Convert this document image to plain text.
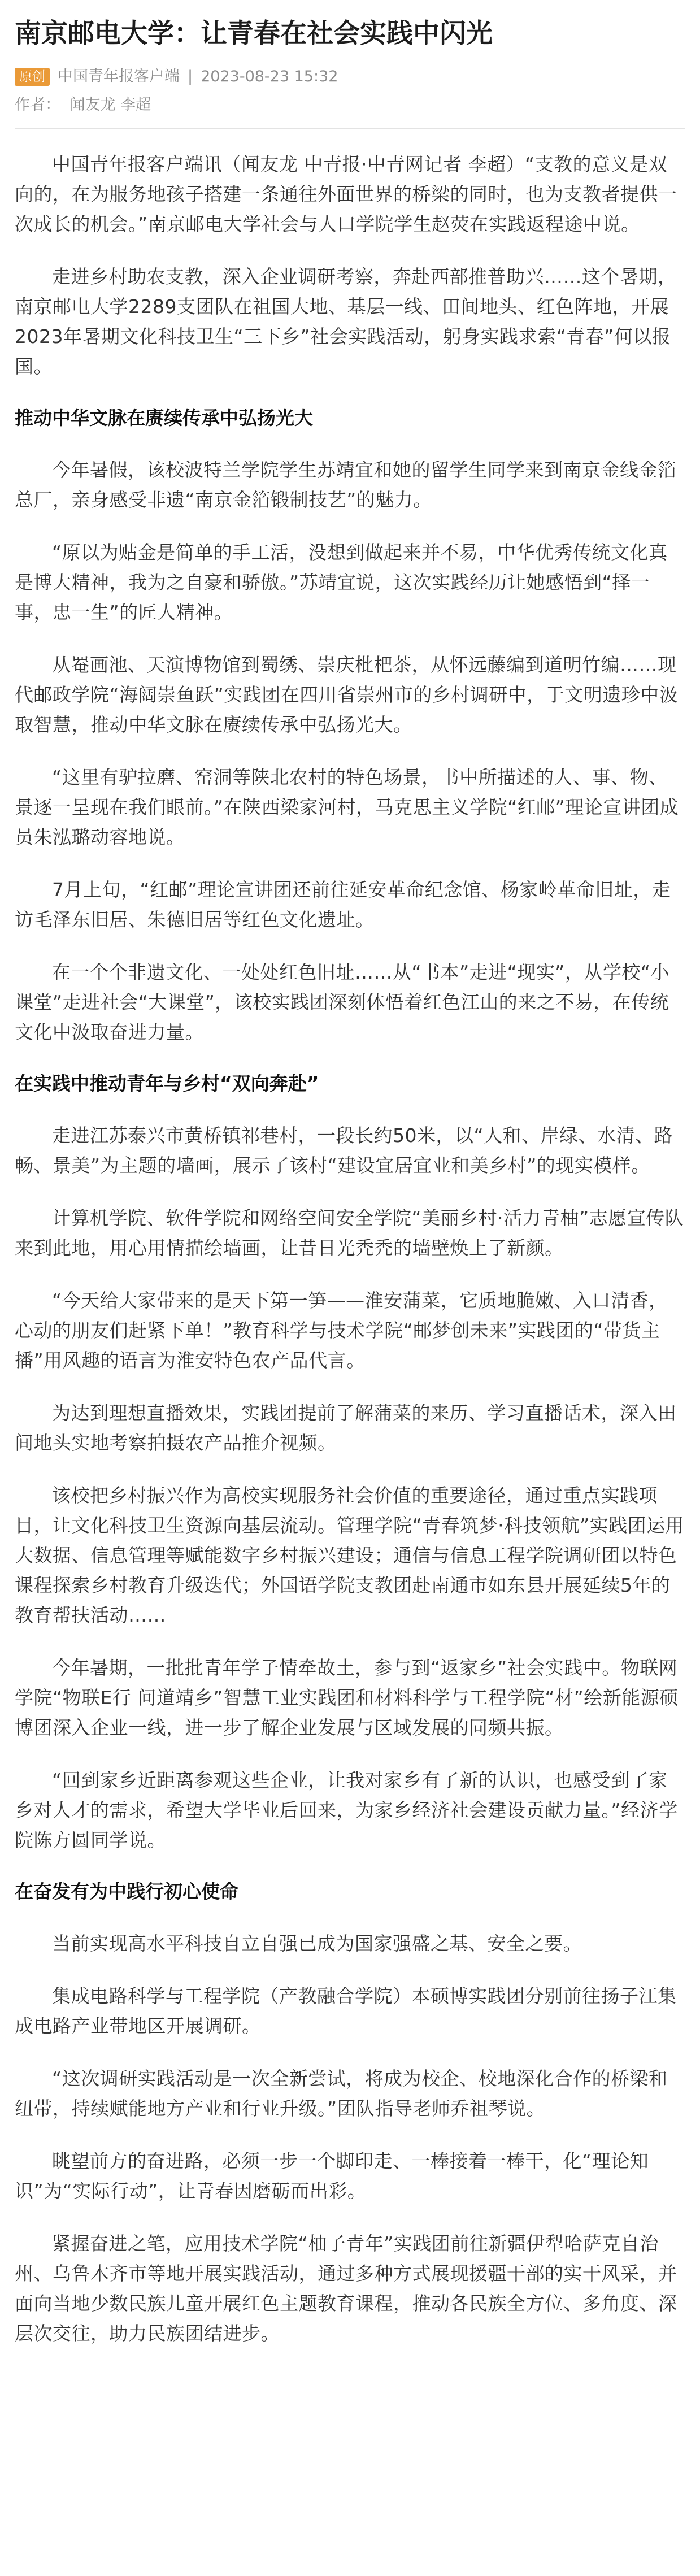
南京邮电大学：让青春在社会实践中闪光
原创 中国青年报客户端 | 2023-08-23 15:32
作者： 闻友龙 李超

中国青年报客户端讯（闻友龙 中青报·中青网记者 李超）“支教的意义是双向的，在为服务地孩子搭建一条通往外面世界的桥梁的同时，也为支教者提供一次成长的机会。”南京邮电大学社会与人口学院学生赵荧在实践返程途中说。

走进乡村助农支教，深入企业调研考察，奔赴西部推普助兴……这个暑期，南京邮电大学2289支团队在祖国大地、基层一线、田间地头、红色阵地，开展2023年暑期文化科技卫生“三下乡”社会实践活动，躬身实践求索“青春”何以报国。

推动中华文脉在赓续传承中弘扬光大

今年暑假，该校波特兰学院学生苏靖宜和她的留学生同学来到南京金线金箔总厂，亲身感受非遗“南京金箔锻制技艺”的魅力。

“原以为贴金是简单的手工活，没想到做起来并不易，中华优秀传统文化真是博大精神，我为之自豪和骄傲。”苏靖宜说，这次实践经历让她感悟到“择一事，忠一生”的匠人精神。

从罨画池、天演博物馆到蜀绣、崇庆枇杷茶，从怀远藤编到道明竹编……现代邮政学院“海阔崇鱼跃”实践团在四川省崇州市的乡村调研中，于文明遗珍中汲取智慧，推动中华文脉在赓续传承中弘扬光大。

“这里有驴拉磨、窑洞等陕北农村的特色场景，书中所描述的人、事、物、景逐一呈现在我们眼前。”在陕西梁家河村，马克思主义学院“红邮”理论宣讲团成员朱泓璐动容地说。

7月上旬，“红邮”理论宣讲团还前往延安革命纪念馆、杨家岭革命旧址，走访毛泽东旧居、朱德旧居等红色文化遗址。

在一个个非遗文化、一处处红色旧址……从“书本”走进“现实”，从学校“小课堂”走进社会“大课堂”，该校实践团深刻体悟着红色江山的来之不易，在传统文化中汲取奋进力量。

在实践中推动青年与乡村“双向奔赴”

走进江苏泰兴市黄桥镇祁巷村，一段长约50米，以“人和、岸绿、水清、路畅、景美”为主题的墙画，展示了该村“建设宜居宜业和美乡村”的现实模样。

计算机学院、软件学院和网络空间安全学院“美丽乡村·活力青柚”志愿宣传队来到此地，用心用情描绘墙画，让昔日光秃秃的墙壁焕上了新颜。

“今天给大家带来的是天下第一笋——淮安蒲菜，它质地脆嫩、入口清香，心动的朋友们赶紧下单！”教育科学与技术学院“邮梦创未来”实践团的“带货主播”用风趣的语言为淮安特色农产品代言。

为达到理想直播效果，实践团提前了解蒲菜的来历、学习直播话术，深入田间地头实地考察拍摄农产品推介视频。

该校把乡村振兴作为高校实现服务社会价值的重要途径，通过重点实践项目，让文化科技卫生资源向基层流动。管理学院“青春筑梦·科技领航”实践团运用大数据、信息管理等赋能数字乡村振兴建设；通信与信息工程学院调研团以特色课程探索乡村教育升级迭代；外国语学院支教团赴南通市如东县开展延续5年的教育帮扶活动……

今年暑期，一批批青年学子情牵故土，参与到“返家乡”社会实践中。物联网学院“物联E行 问道靖乡”智慧工业实践团和材料科学与工程学院“材”绘新能源硕博团深入企业一线，进一步了解企业发展与区域发展的同频共振。

“回到家乡近距离参观这些企业，让我对家乡有了新的认识，也感受到了家乡对人才的需求，希望大学毕业后回来，为家乡经济社会建设贡献力量。”经济学院陈方圆同学说。

在奋发有为中践行初心使命

当前实现高水平科技自立自强已成为国家强盛之基、安全之要。

集成电路科学与工程学院（产教融合学院）本硕博实践团分别前往扬子江集成电路产业带地区开展调研。

“这次调研实践活动是一次全新尝试，将成为校企、校地深化合作的桥梁和纽带，持续赋能地方产业和行业升级。”团队指导老师乔祖琴说。

眺望前方的奋进路，必须一步一个脚印走、一棒接着一棒干，化“理论知识”为“实际行动”，让青春因磨砺而出彩。

紧握奋进之笔，应用技术学院“柚子青年”实践团前往新疆伊犁哈萨克自治州、乌鲁木齐市等地开展实践活动，通过多种方式展现援疆干部的实干风采，并面向当地少数民族儿童开展红色主题教育课程，推动各民族全方位、多角度、深层次交往，助力民族团结进步。
